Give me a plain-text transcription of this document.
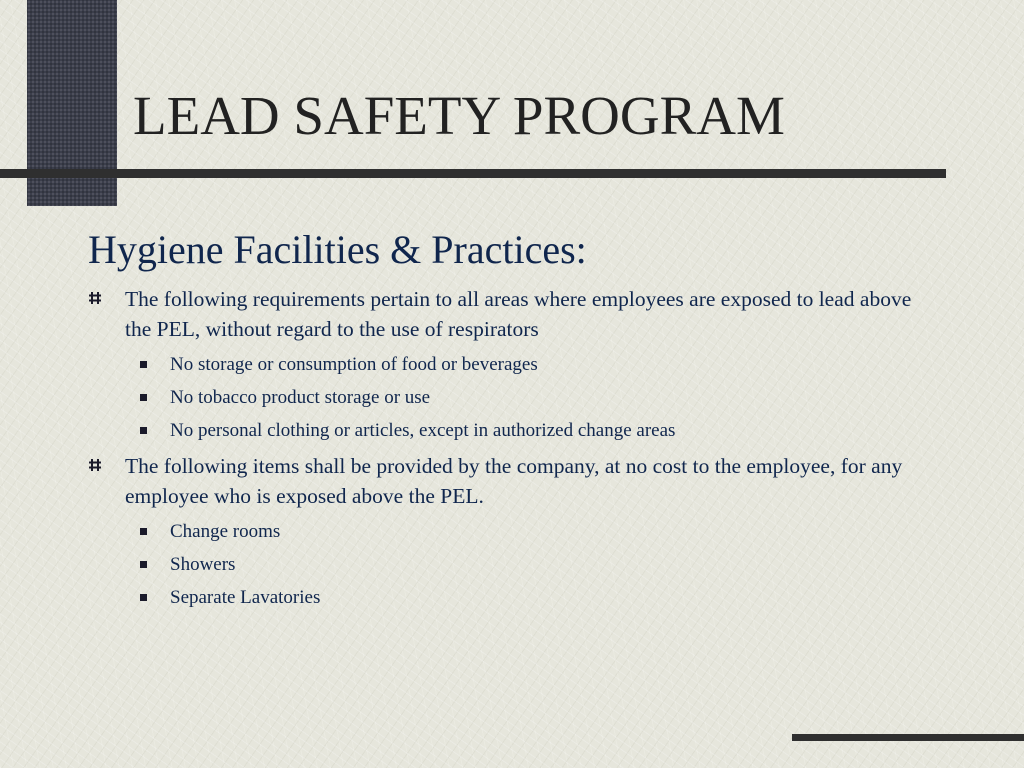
LEAD SAFETY PROGRAM
Hygiene Facilities & Practices:
The following requirements pertain to all areas where employees are exposed to lead above the PEL, without regard to the use of respirators
No storage or consumption of food or beverages
No tobacco product storage or use
No personal clothing or articles, except in authorized change areas
The following items shall be provided by the company, at no cost to the employee, for any employee who is exposed above the PEL.
Change rooms
Showers
Separate Lavatories
